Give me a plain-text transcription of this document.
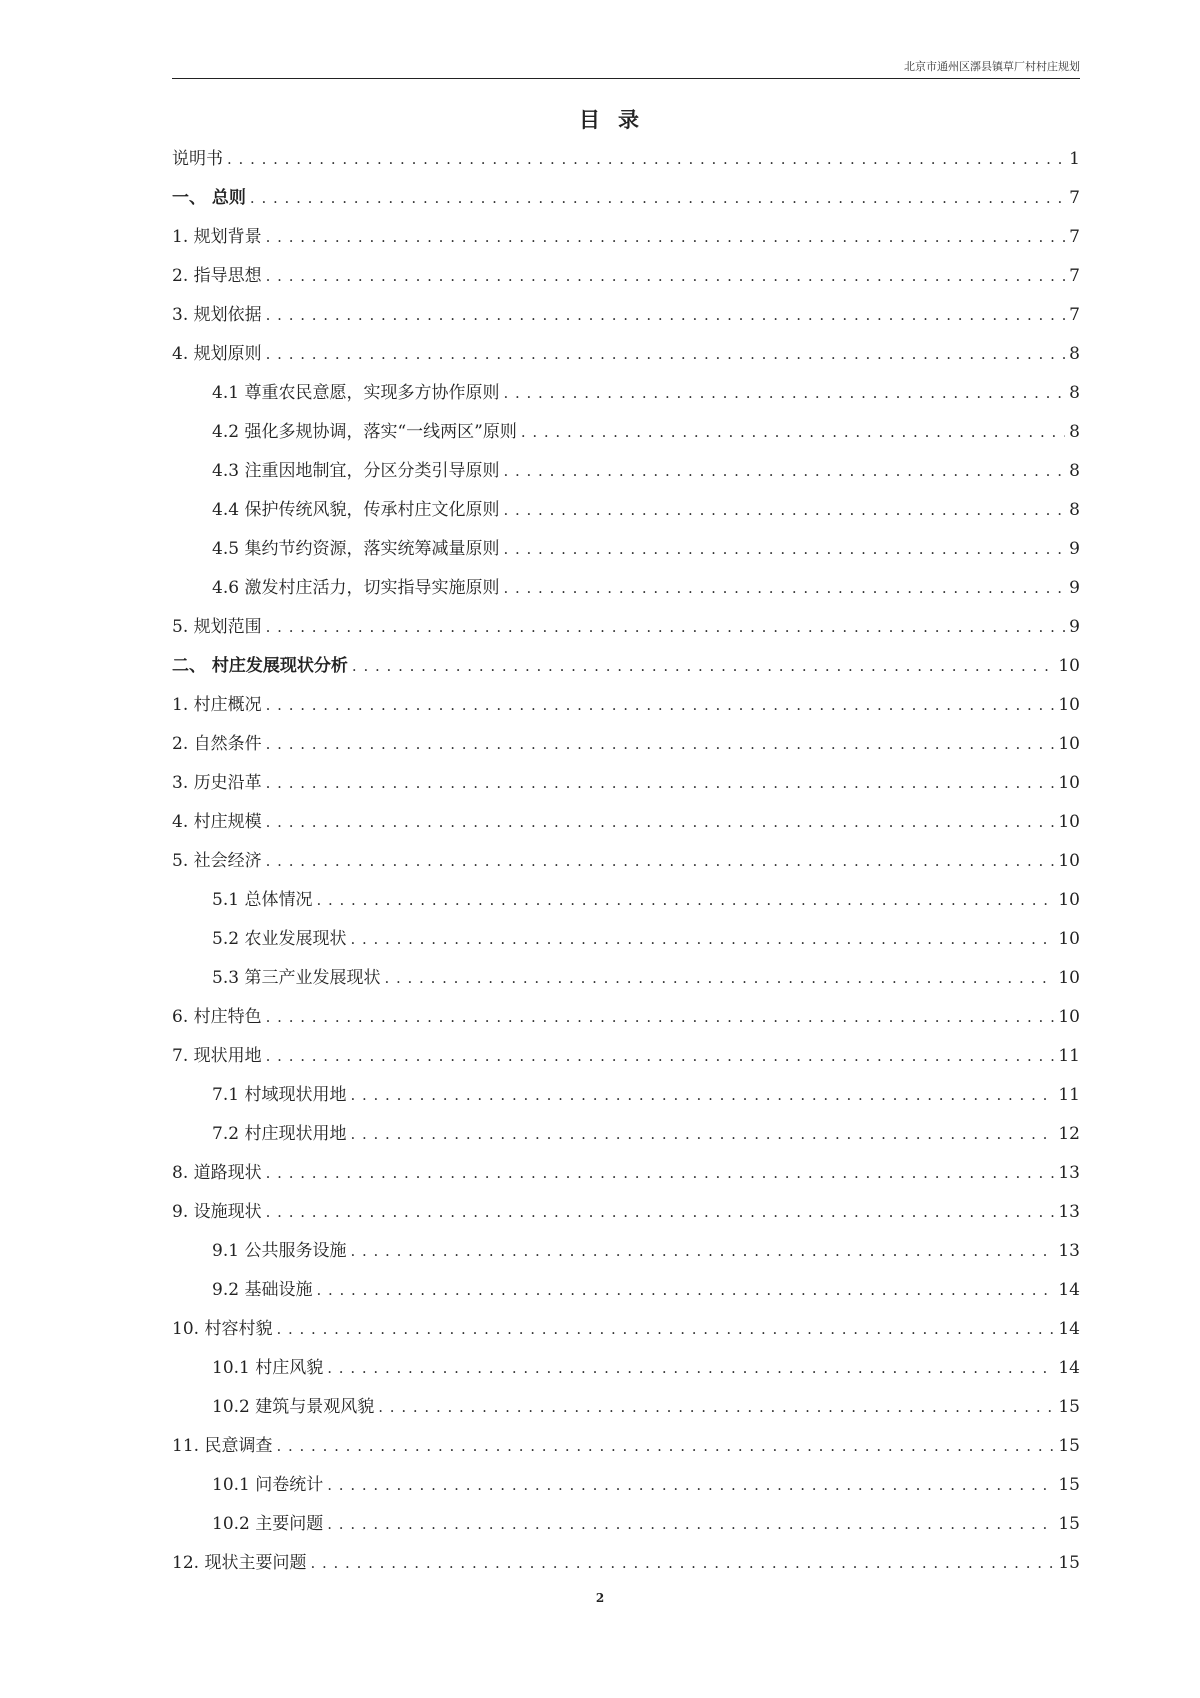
北京市通州区漷县镇草厂村村庄规划
目录
说明书 . . .	1
一、 总则 . . .	7
1. 规划背景 . . .	7
2. 指导思想 . . .	7
3. 规划依据 . . .	7
4. 规划原则 . . .	8
4.1 尊重农民意愿，实现多方协作原则 . . .	8
4.2 强化多规协调，落实“一线两区”原则 . . .	8
4.3 注重因地制宜，分区分类引导原则 . . .	8
4.4 保护传统风貌，传承村庄文化原则 . . .	8
4.5 集约节约资源，落实统筹减量原则 . . .	9
4.6 激发村庄活力，切实指导实施原则 . . .	9
5. 规划范围 . . .	9
二、 村庄发展现状分析 . . .	10
1. 村庄概况 . . .	10
2. 自然条件 . . .	10
3. 历史沿革 . . .	10
4. 村庄规模 . . .	10
5. 社会经济 . . .	10
5.1 总体情况 . . .	10
5.2 农业发展现状 . . .	10
5.3 第三产业发展现状 . . .	10
6. 村庄特色 . . .	10
7. 现状用地 . . .	11
7.1 村域现状用地 . . .	11
7.2 村庄现状用地 . . .	12
8. 道路现状 . . .	13
9. 设施现状 . . .	13
9.1 公共服务设施 . . .	13
9.2 基础设施 . . .	14
10. 村容村貌 . . .	14
10.1 村庄风貌 . . .	14
10.2 建筑与景观风貌 . . .	15
11. 民意调查 . . .	15
10.1 问卷统计 . . .	15
10.2 主要问题 . . .	15
12. 现状主要问题 . . .	15
2
